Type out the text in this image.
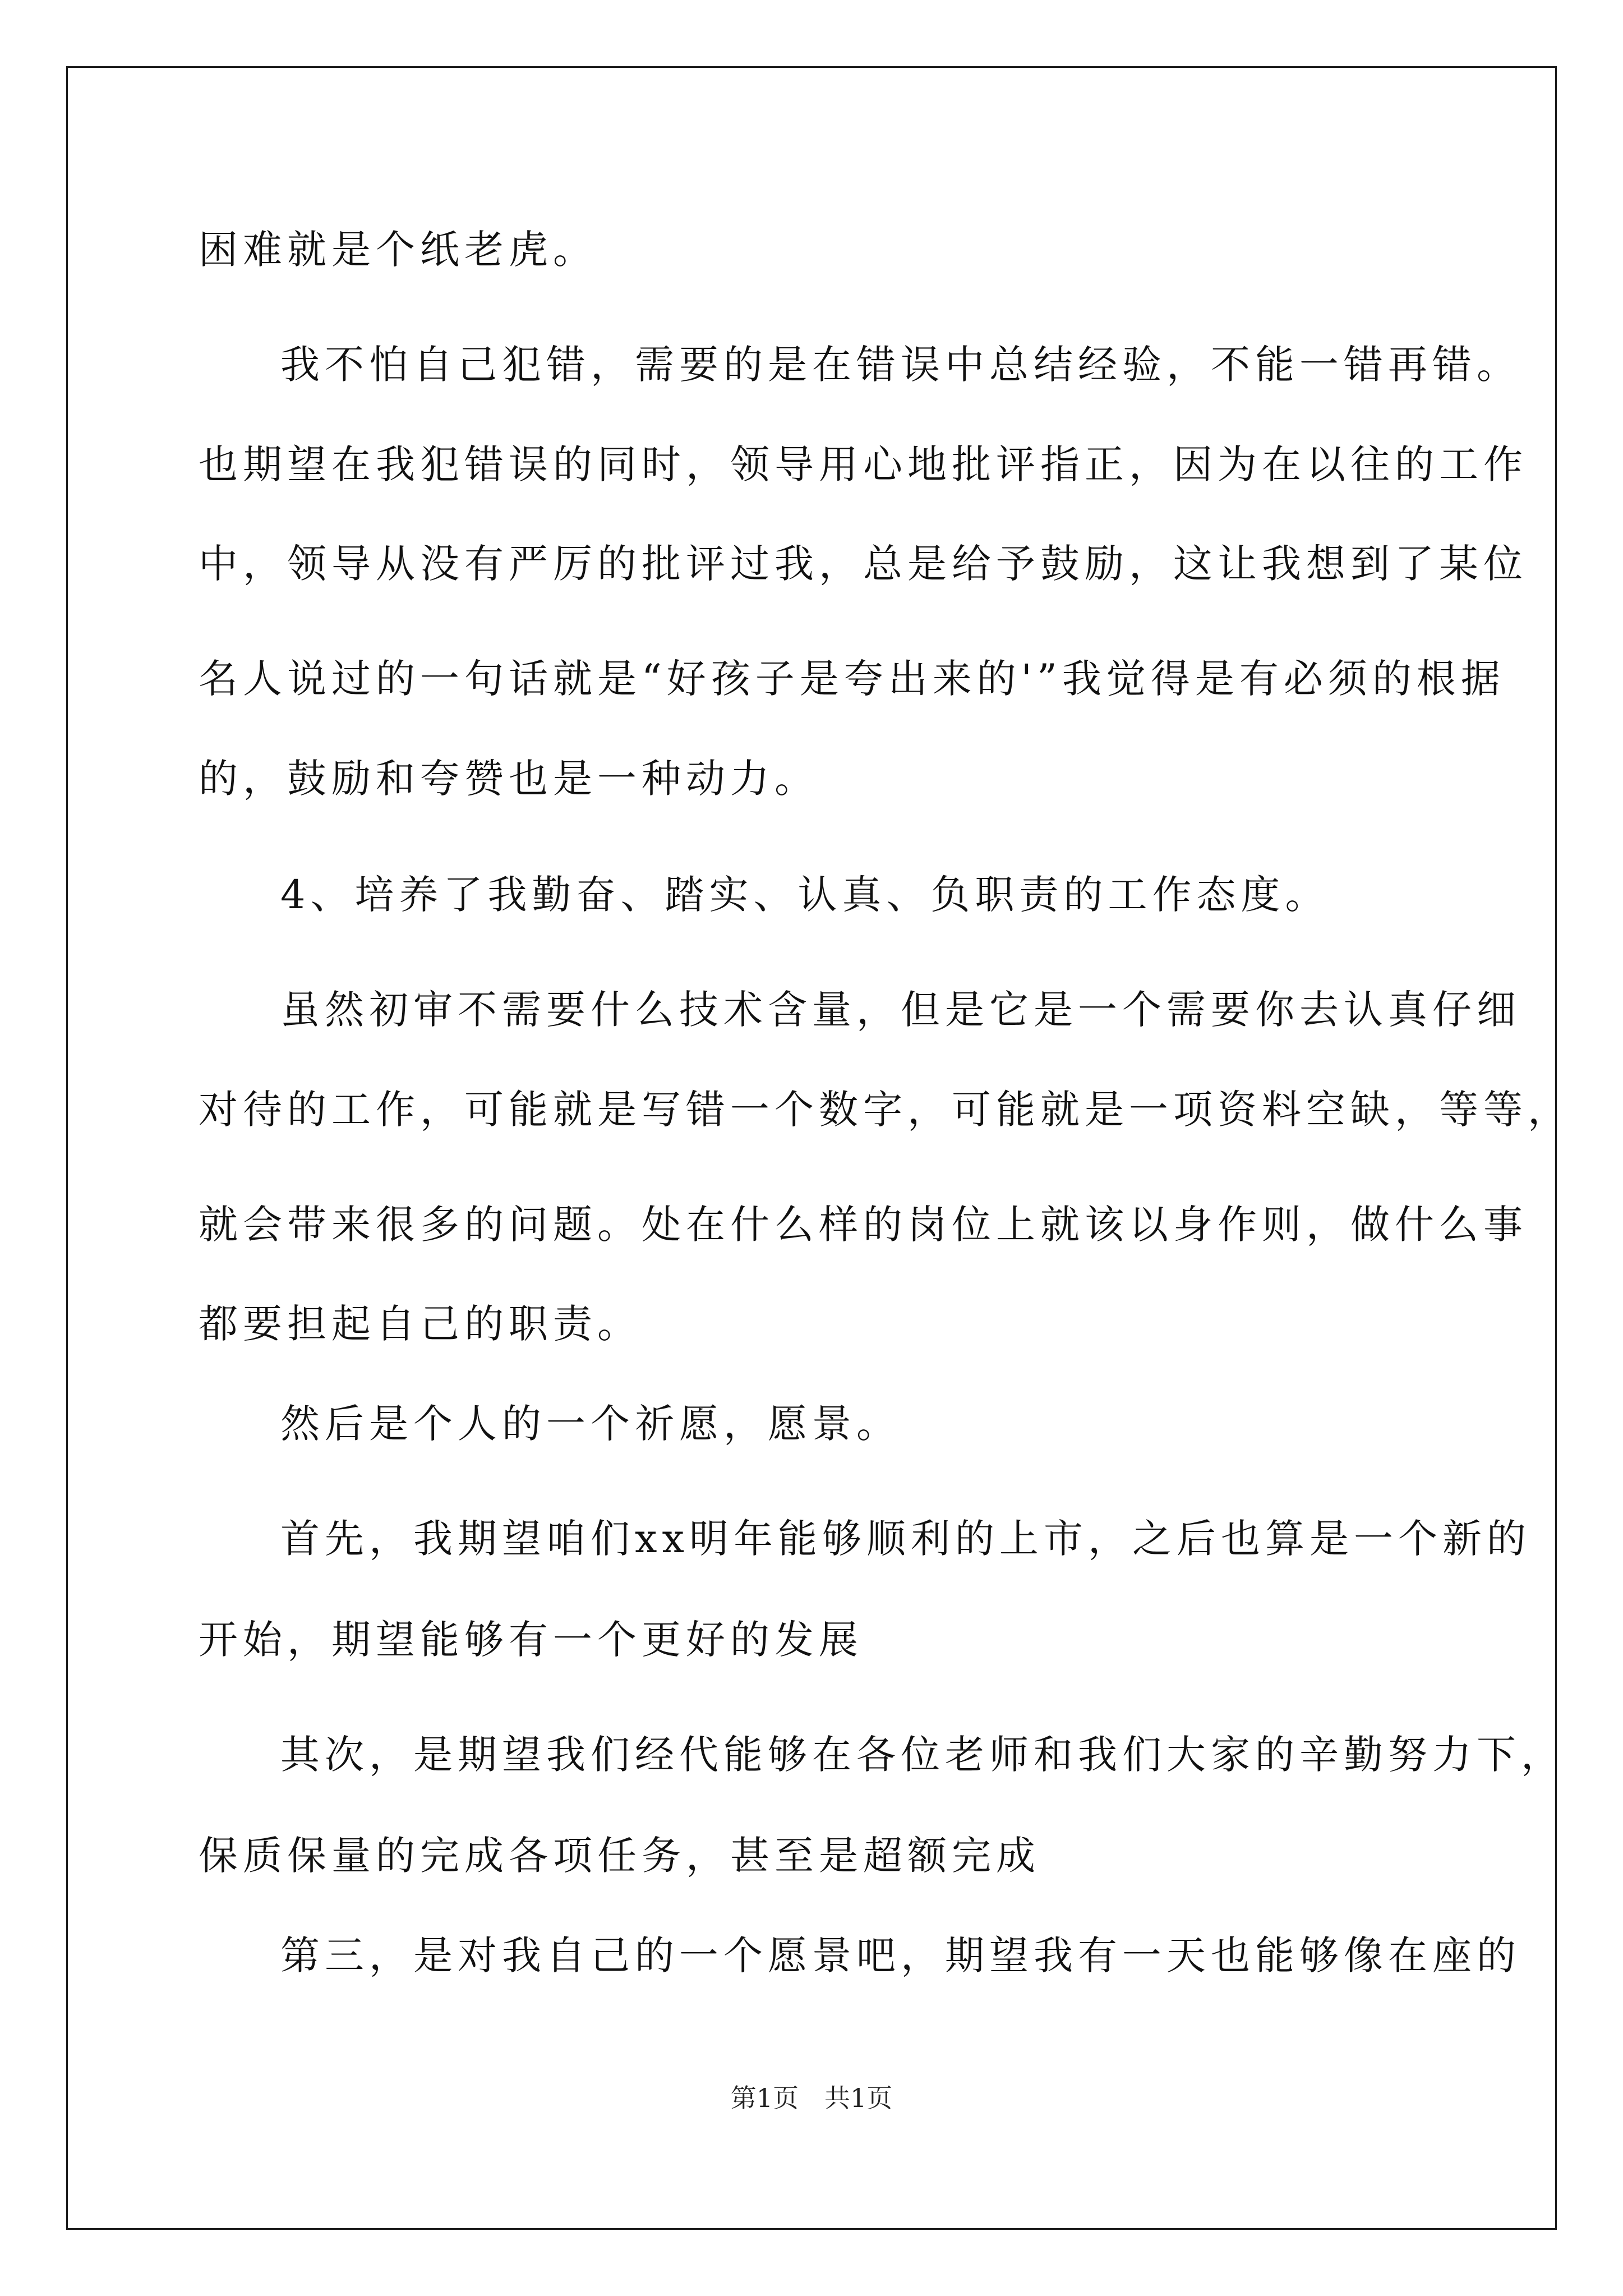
困难就是个纸老虎。
我不怕自己犯错，需要的是在错误中总结经验，不能一错再错。
也期望在我犯错误的同时，领导用心地批评指正，因为在以往的工作
中，领导从没有严厉的批评过我，总是给予鼓励，这让我想到了某位
名人说过的一句话就是“好孩子是夸出来的'”我觉得是有必须的根据
的，鼓励和夸赞也是一种动力。
4、培养了我勤奋、踏实、认真、负职责的工作态度。
虽然初审不需要什么技术含量，但是它是一个需要你去认真仔细
对待的工作，可能就是写错一个数字，可能就是一项资料空缺，等等，
就会带来很多的问题。处在什么样的岗位上就该以身作则，做什么事
都要担起自己的职责。
然后是个人的一个祈愿，愿景。
首先，我期望咱们xx明年能够顺利的上市，之后也算是一个新的
开始，期望能够有一个更好的发展
其次，是期望我们经代能够在各位老师和我们大家的辛勤努力下，
保质保量的完成各项任务，甚至是超额完成
第三，是对我自己的一个愿景吧，期望我有一天也能够像在座的
第1页　共1页
